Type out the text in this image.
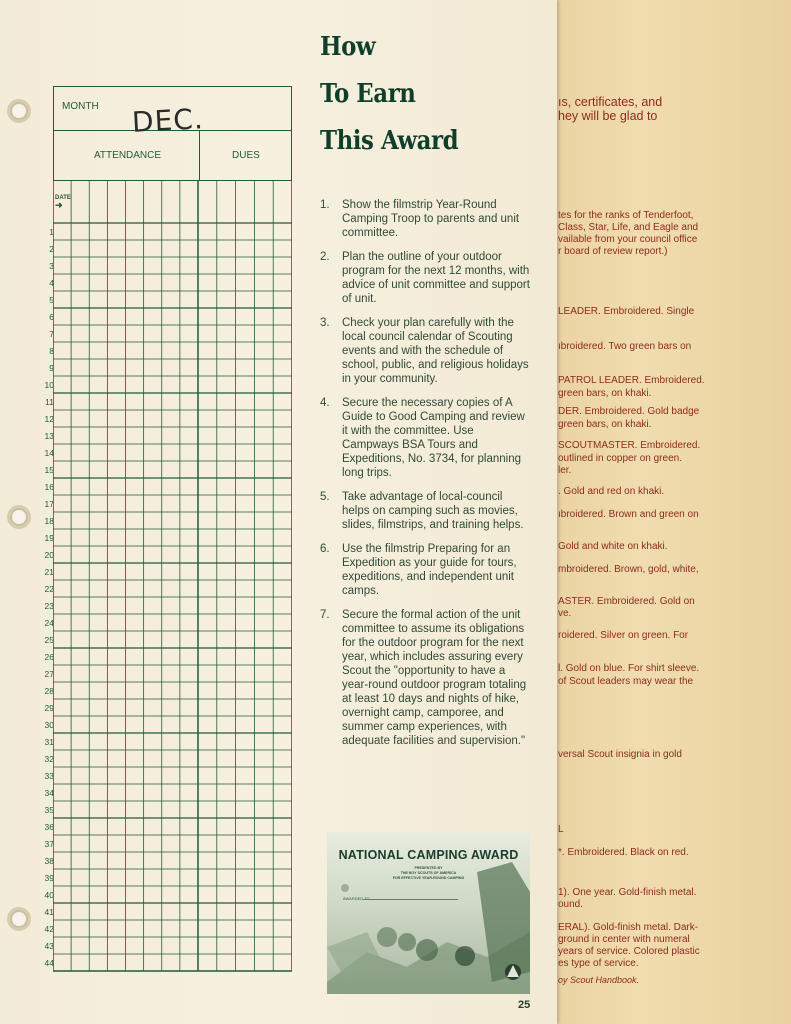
ıs, certificates, and
hey will be glad to
tes for the ranks of Tenderfoot,
Class, Star, Life, and Eagle and
vailable from your council office
r board of review report.)
LEADER. Embroidered. Single
ıbroidered. Two green bars on
PATROL LEADER. Embroidered.
green bars, on khaki.
DER. Embroidered. Gold badge
green bars, on khaki.
SCOUTMASTER. Embroidered.
outlined in copper on green.
ler.
. Gold and red on khaki.
ıbroidered. Brown and green on
Gold and white on khaki.
mbroidered. Brown, gold, white,
ASTER. Embroidered. Gold on
ve.
roidered. Silver on green. For
l. Gold on blue. For shirt sleeve.
of Scout leaders may wear the
versal Scout insignia in gold
L
*. Embroidered. Black on red.
1). One year. Gold-finish metal.
ound.
ERAL). Gold-finish metal. Dark-
ground in center with numeral
years of service. Colored plastic
es type of service.
oy Scout Handbook.
MONTH
ATTENDANCE	DUES
DEC.
DATE
➜
1
2
3
4
5
6
7
8
9
10
11
12
13
14
15
16
17
18
19
20
21
22
23
24
25
26
27
28
29
30
31
32
33
34
35
36
37
38
39
40
41
42
43
44
How
To Earn
This Award
1. Show the filmstrip Year-Round Camping Troop to parents and unit committee.
2. Plan the outline of your outdoor program for the next 12 months, with advice of unit committee and support of unit.
3. Check your plan carefully with the local council calendar of Scouting events and with the schedule of school, public, and religious holidays in your community.
4. Secure the necessary copies of A Guide to Good Camping and review it with the committee. Use Campways BSA Tours and Expeditions, No. 3734, for planning long trips.
5. Take advantage of local-council helps on camping such as movies, slides, filmstrips, and training helps.
6. Use the filmstrip Preparing for an Expedition as your guide for tours, expeditions, and independent unit camps.
7. Secure the formal action of the unit committee to assume its obligations for the outdoor program for the next year, which includes assuring every Scout the "opportunity to have a year-round outdoor program totaling at least 10 days and nights of hike, overnight camp, camporee, and summer camp experiences, with adequate facilities and supervision."
NATIONAL CAMPING AWARD
PRESENTED BY
THE BOY SCOUTS OF AMERICA
FOR EFFECTIVE YEAR-ROUND CAMPING
AWARDED TO
25
